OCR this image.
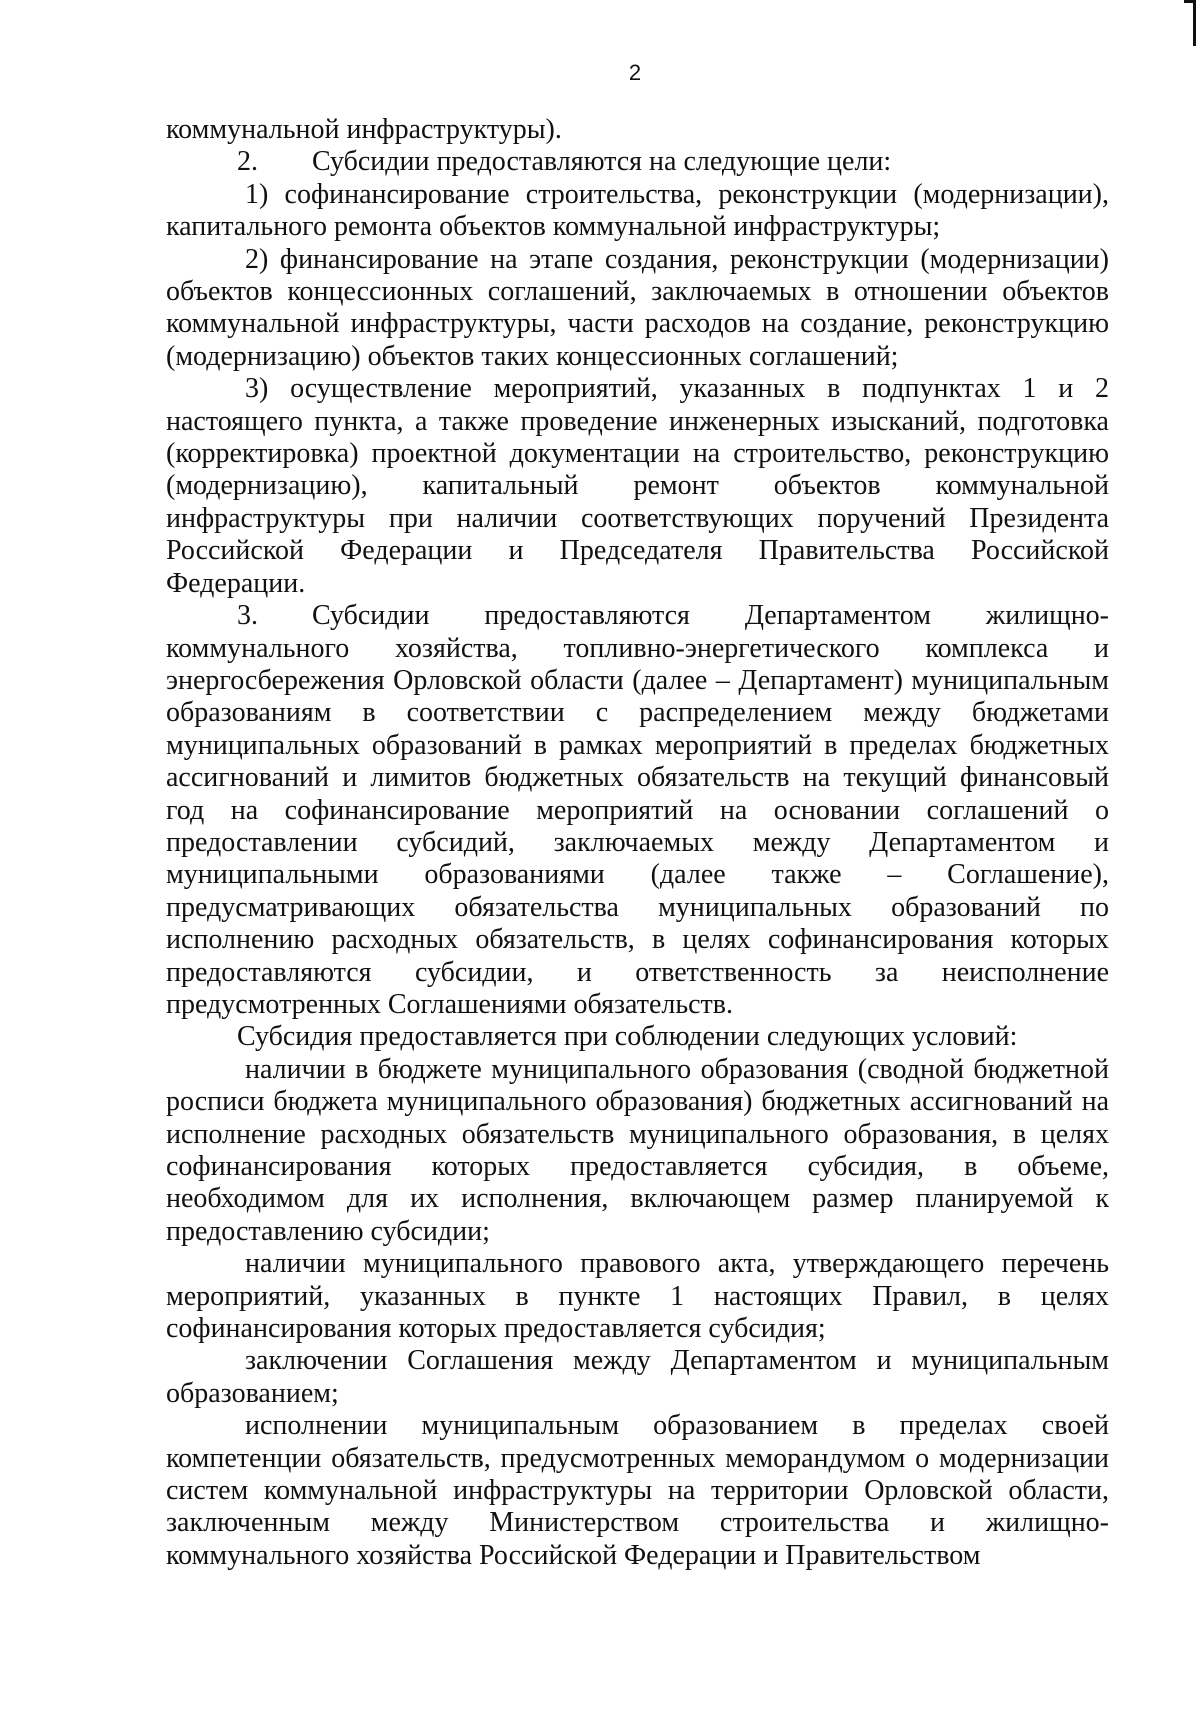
2

коммунальной инфраструктуры).

2. Субсидии предоставляются на следующие цели:

1) софинансирование строительства, реконструкции (модернизации), капитального ремонта объектов коммунальной инфраструктуры;

2) финансирование на этапе создания, реконструкции (модернизации) объектов концессионных соглашений, заключаемых в отношении объектов коммунальной инфраструктуры, части расходов на создание, реконструкцию (модернизацию) объектов таких концессионных соглашений;

3) осуществление мероприятий, указанных в подпунктах 1 и 2 настоящего пункта, а также проведение инженерных изысканий, подготовка (корректировка) проектной документации на строительство, реконструкцию (модернизацию), капитальный ремонт объектов коммунальной инфраструктуры при наличии соответствующих поручений Президента Российской Федерации и Председателя Правительства Российской Федерации.

3. Субсидии предоставляются Департаментом жилищно-коммунального хозяйства, топливно-энергетического комплекса и энергосбережения Орловской области (далее – Департамент) муниципальным образованиям в соответствии с распределением между бюджетами муниципальных образований в рамках мероприятий в пределах бюджетных ассигнований и лимитов бюджетных обязательств на текущий финансовый год на софинансирование мероприятий на основании соглашений о предоставлении субсидий, заключаемых между Департаментом и муниципальными образованиями (далее также – Соглашение), предусматривающих обязательства муниципальных образований по исполнению расходных обязательств, в целях софинансирования которых предоставляются субсидии, и ответственность за неисполнение предусмотренных Соглашениями обязательств.

Субсидия предоставляется при соблюдении следующих условий:

наличии в бюджете муниципального образования (сводной бюджетной росписи бюджета муниципального образования) бюджетных ассигнований на исполнение расходных обязательств муниципального образования, в целях софинансирования которых предоставляется субсидия, в объеме, необходимом для их исполнения, включающем размер планируемой к предоставлению субсидии;

наличии муниципального правового акта, утверждающего перечень мероприятий, указанных в пункте 1 настоящих Правил, в целях софинансирования которых предоставляется субсидия;

заключении Соглашения между Департаментом и муниципальным образованием;

исполнении муниципальным образованием в пределах своей компетенции обязательств, предусмотренных меморандумом о модернизации систем коммунальной инфраструктуры на территории Орловской области, заключенным между Министерством строительства и жилищно-коммунального хозяйства Российской Федерации и Правительством
